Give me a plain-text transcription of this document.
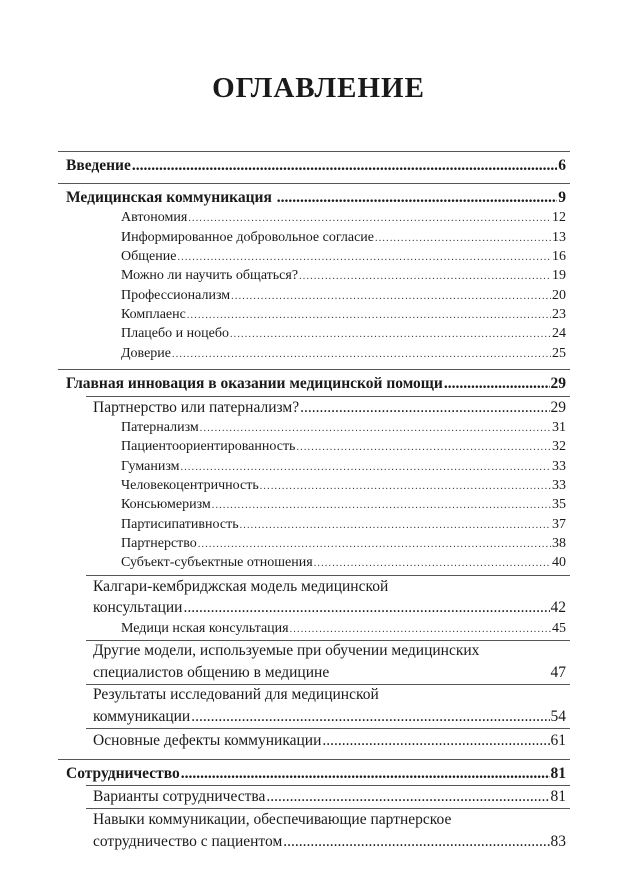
ОГЛАВЛЕНИЕ
Введение .....	6
Медицинская коммуникация .....	9
Автономия .....	12
Информированное добровольное согласие .....	13
Общение .....	16
Можно ли научить общаться? .....	19
Профессионализм .....	20
Комплаенс .....	23
Плацебо и ноцебо .....	24
Доверие .....	25
Главная инновация в оказании медицинской помощи .....	29
Партнерство или патернализм? .....	29
Патернализм .....	31
Пациентоориентированность .....	32
Гуманизм .....	33
Человекоцентричность .....	33
Консьюмеризм .....	35
Партисипативность .....	37
Партнерство .....	38
Субъект-субъектные отношения .....	40
Калгари-кембриджская модель медицинской
консультации .....	42
Медици нская консультация .....	45
Другие модели, используемые при обучении медицинских
специалистов общению в медицине	47
Результаты исследований для медицинской
коммуникации .....	54
Основные дефекты коммуникации .....	61
Сотрудничество .....	81
Варианты сотрудничества .....	81
Навыки коммуникации, обеспечивающие партнерское
сотрудничество с пациентом .....	83
